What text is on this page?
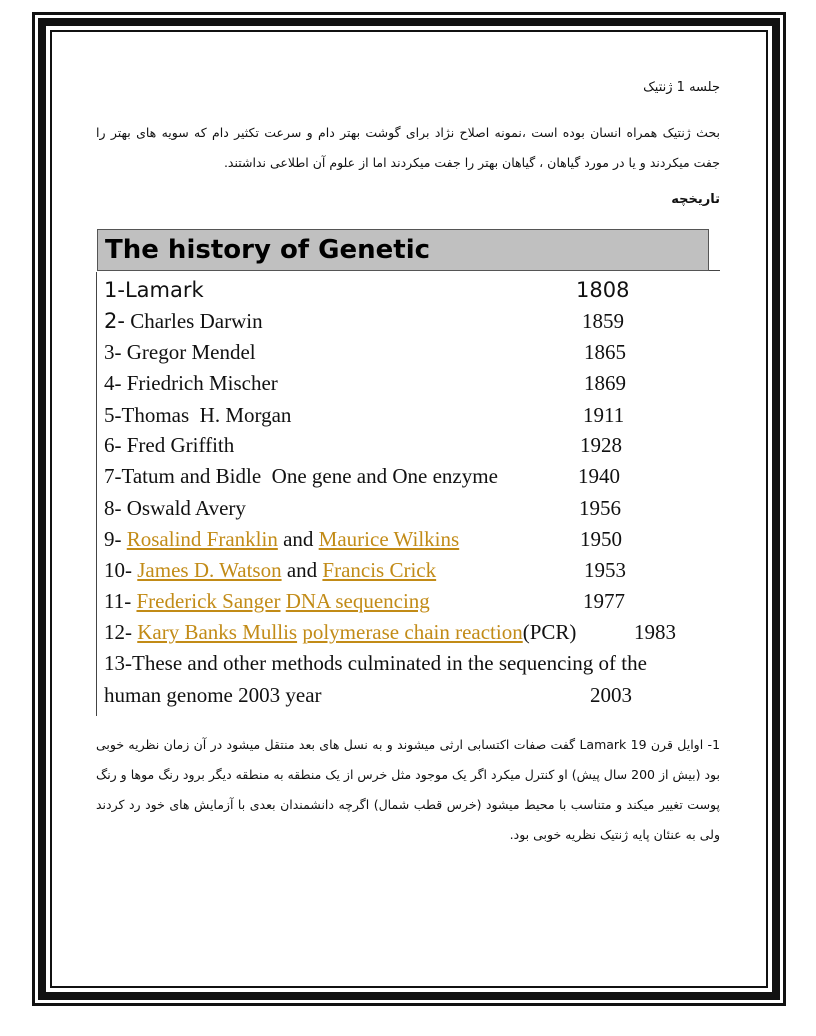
جلسه 1 ژنتیک
بحث ژنتیک همراه انسان بوده است ،نمونه اصلاح نژاد برای گوشت بهتر دام و سرعت تکثیر دام که سویه های بهتر را جفت میکردند و یا در مورد گیاهان ، گیاهان بهتر را جفت میکردند اما از علوم آن اطلاعی نداشتند.
تاریخچه
The history of Genetic
1-Lamark	1808
2- Charles Darwin	1859
3- Gregor Mendel	1865
4- Friedrich Mischer	1869
5-Thomas  H. Morgan	1911
6- Fred Griffith	1928
7-Tatum and Bidle  One gene and One enzyme	1940
8- Oswald Avery	1956
9- Rosalind Franklin and Maurice Wilkins	1950
10- James D. Watson and Francis Crick	1953
11- Frederick Sanger DNA sequencing	1977
12- Kary Banks Mullis polymerase chain reaction(PCR)	1983
13-These and other methods culminated in the sequencing of the
human genome 2003 year	2003
1- اوایل قرن 19 Lamark گفت صفات اکتسابی ارثی میشوند و به نسل های بعد منتقل میشود در آن زمان نظریه خوبی بود (بیش از 200 سال پیش) او کنترل میکرد اگر یک موجود مثل خرس از یک منطقه به منطقه دیگر برود رنگ موها و رنگ پوست تغییر میکند و متناسب با محیط میشود (خرس قطب شمال) اگرچه دانشمندان بعدی با آزمایش های خود رد کردند ولی به عنئان پایه ژنتیک نظریه خوبی بود.
